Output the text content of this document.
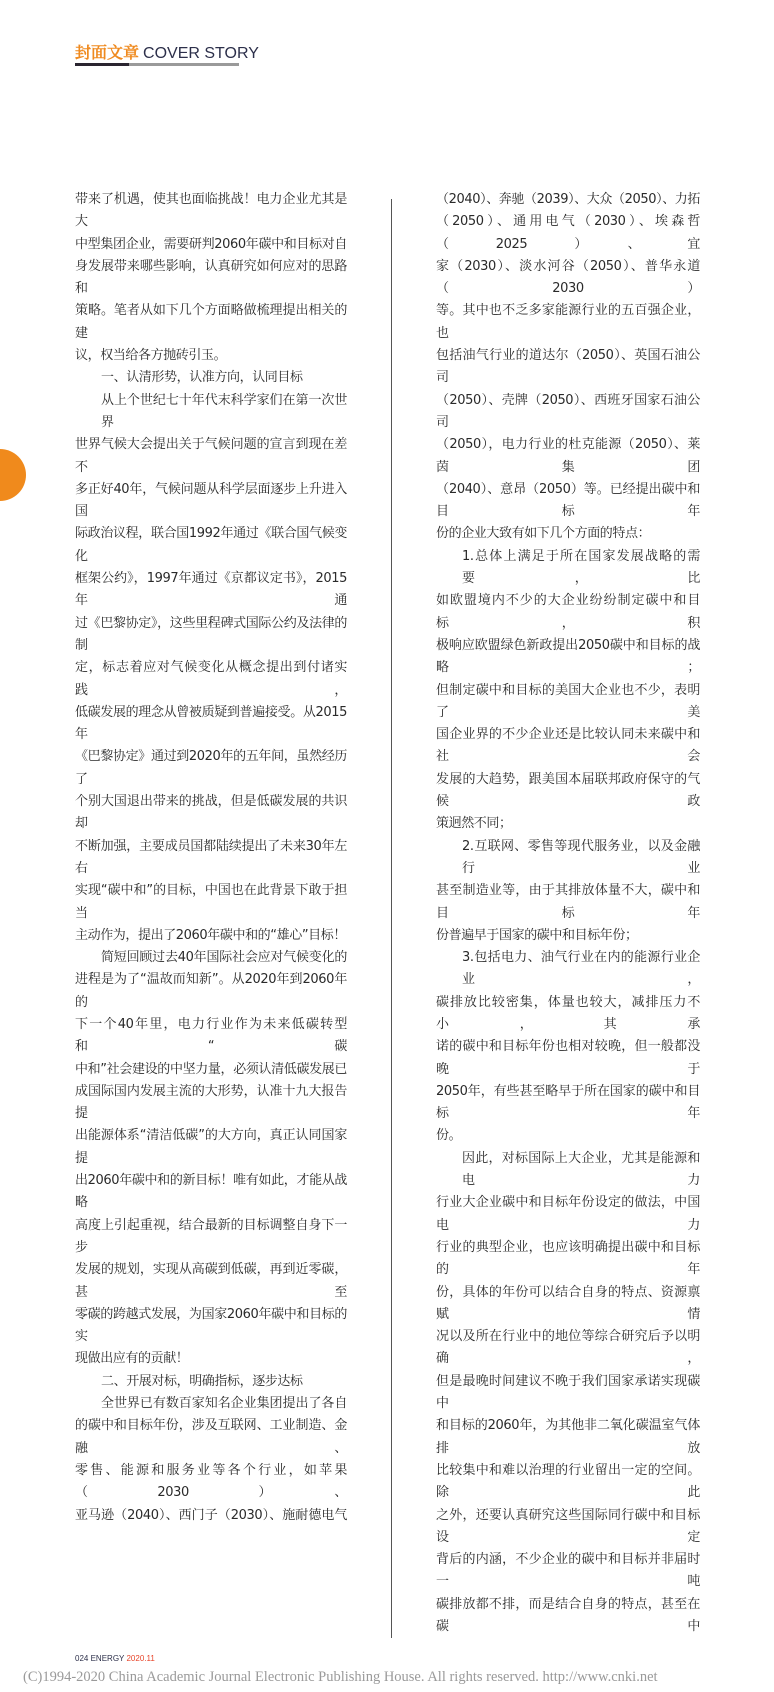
封面文章 COVER STORY
带来了机遇，使其也面临挑战！电力企业尤其是大
中型集团企业，需要研判2060年碳中和目标对自
身发展带来哪些影响，认真研究如何应对的思路和
策略。笔者从如下几个方面略做梳理提出相关的建
议，权当给各方抛砖引玉。
一、认清形势，认准方向，认同目标
从上个世纪七十年代末科学家们在第一次世界
世界气候大会提出关于气候问题的宣言到现在差不
多正好40年，气候问题从科学层面逐步上升进入国
际政治议程，联合国1992年通过《联合国气候变化
框架公约》，1997年通过《京都议定书》，2015年通
过《巴黎协定》，这些里程碑式国际公约及法律的制
定，标志着应对气候变化从概念提出到付诸实践，
低碳发展的理念从曾被质疑到普遍接受。从2015年
《巴黎协定》通过到2020年的五年间，虽然经历了
个别大国退出带来的挑战，但是低碳发展的共识却
不断加强，主要成员国都陆续提出了未来30年左右
实现“碳中和”的目标，中国也在此背景下敢于担当
主动作为，提出了2060年碳中和的“雄心”目标！
简短回顾过去40年国际社会应对气候变化的
进程是为了“温故而知新”。从2020年到2060年的
下一个40年里，电力行业作为未来低碳转型和“碳
中和”社会建设的中坚力量，必须认清低碳发展已
成国际国内发展主流的大形势，认准十九大报告提
出能源体系“清洁低碳”的大方向，真正认同国家提
出2060年碳中和的新目标！唯有如此，才能从战略
高度上引起重视，结合最新的目标调整自身下一步
发展的规划，实现从高碳到低碳，再到近零碳，甚至
零碳的跨越式发展，为国家2060年碳中和目标的实
现做出应有的贡献！
二、开展对标，明确指标，逐步达标
全世界已有数百家知名企业集团提出了各自
的碳中和目标年份，涉及互联网、工业制造、金融、
零售、能源和服务业等各个行业，如苹果（2030）、
亚马逊（2040）、西门子（2030）、施耐德电气
（2040）、奔驰（2039）、大众（2050）、力拓
（2050）、通用电气（2030）、埃森哲（2025）、宜
家（2030）、淡水河谷（2050）、普华永道（2030）
等。其中也不乏多家能源行业的五百强企业，也
包括油气行业的道达尔（2050）、英国石油公司
（2050）、壳牌（2050）、西班牙国家石油公司
（2050），电力行业的杜克能源（2050）、莱茵集团
（2040）、意昂（2050）等。已经提出碳中和目标年
份的企业大致有如下几个方面的特点：
1.总体上满足于所在国家发展战略的需要，比
如欧盟境内不少的大企业纷纷制定碳中和目标，积
极响应欧盟绿色新政提出2050碳中和目标的战略；
但制定碳中和目标的美国大企业也不少，表明了美
国企业界的不少企业还是比较认同未来碳中和社会
发展的大趋势，跟美国本届联邦政府保守的气候政
策迥然不同；
2.互联网、零售等现代服务业，以及金融行业
甚至制造业等，由于其排放体量不大，碳中和目标年
份普遍早于国家的碳中和目标年份；
3.包括电力、油气行业在内的能源行业企业，
碳排放比较密集，体量也较大，减排压力不小，其承
诺的碳中和目标年份也相对较晚，但一般都没晚于
2050年，有些甚至略早于所在国家的碳中和目标年
份。
因此，对标国际上大企业，尤其是能源和电力
行业大企业碳中和目标年份设定的做法，中国电力
行业的典型企业，也应该明确提出碳中和目标的年
份，具体的年份可以结合自身的特点、资源禀赋情
况以及所在行业中的地位等综合研究后予以明确，
但是最晚时间建议不晚于我们国家承诺实现碳中
和目标的2060年，为其他非二氧化碳温室气体排放
比较集中和难以治理的行业留出一定的空间。除此
之外，还要认真研究这些国际同行碳中和目标设定
背后的内涵，不少企业的碳中和目标并非届时一吨
碳排放都不排，而是结合自身的特点，甚至在碳中
024 ENERGY 2020.11
(C)1994-2020 China Academic Journal Electronic Publishing House. All rights reserved. http://www.cnki.net
